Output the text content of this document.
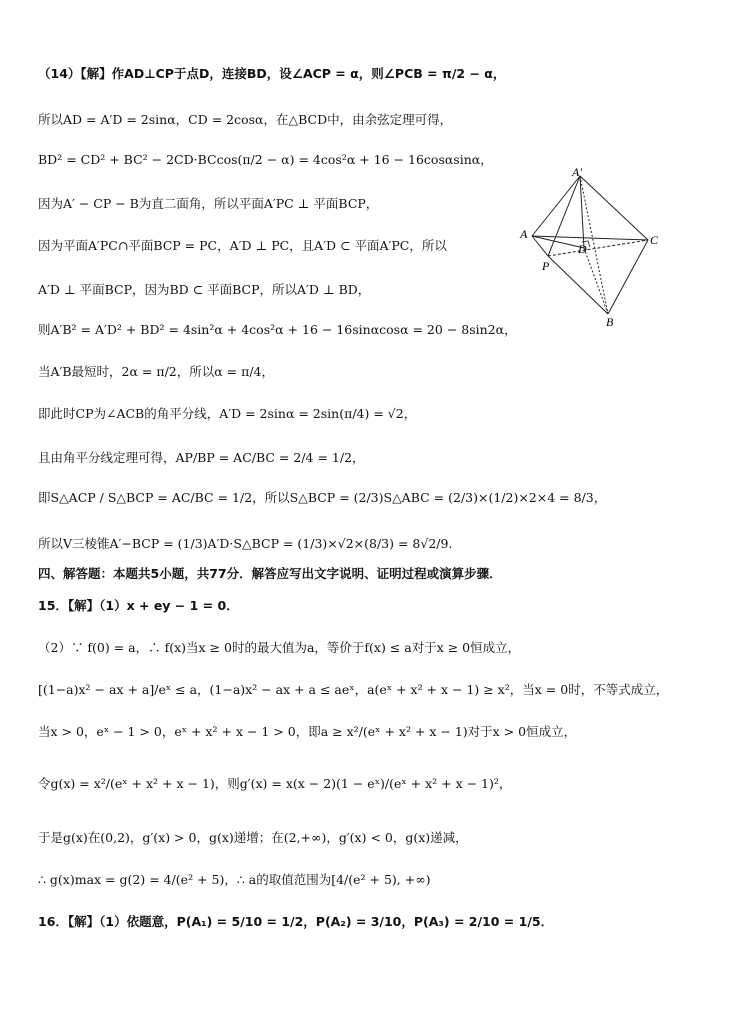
（14）【解】作AD⊥CP于点D，连接BD，设∠ACP = α，则∠PCB = π/2 − α，
所以AD = A′D = 2sinα，CD = 2cosα，在△BCD中，由余弦定理可得，
BD² = CD² + BC² − 2CD·BCcos(π/2 − α) = 4cos²α + 16 − 16cosαsinα，
因为A′ − CP − B为直二面角，所以平面A′PC ⊥ 平面BCP，
因为平面A′PC∩平面BCP = PC，A′D ⊥ PC，且A′D ⊂ 平面A′PC，所以
A′D ⊥ 平面BCP，因为BD ⊂ 平面BCP，所以A′D ⊥ BD，
则A′B² = A′D² + BD² = 4sin²α + 4cos²α + 16 − 16sinαcosα = 20 − 8sin2α，
当A′B最短时，2α = π/2，所以α = π/4，
即此时CP为∠ACB的角平分线，A′D = 2sinα = 2sin(π/4) = √2，
且由角平分线定理可得，AP/BP = AC/BC = 2/4 = 1/2，
即S△ACP / S△BCP = AC/BC = 1/2，所以S△BCP = (2/3)S△ABC = (2/3)×(1/2)×2×4 = 8/3，
所以V三棱锥A′−BCP = (1/3)A′D·S△BCP = (1/3)×√2×(8/3) = 8√2/9.
四、解答题：本题共5小题，共77分．解答应写出文字说明、证明过程或演算步骤．
15．【解】（1）x + ey − 1 = 0．
（2）∵ f(0) = a，∴ f(x)当x ≥ 0时的最大值为a，等价于f(x) ≤ a对于x ≥ 0恒成立，
[(1−a)x² − ax + a]/eˣ ≤ a，(1−a)x² − ax + a ≤ aeˣ，a(eˣ + x² + x − 1) ≥ x²，当x = 0时，不等式成立，
当x > 0，eˣ − 1 > 0，eˣ + x² + x − 1 > 0，即a ≥ x²/(eˣ + x² + x − 1)对于x > 0恒成立，
令g(x) = x²/(eˣ + x² + x − 1)，则g′(x) = x(x − 2)(1 − eˣ)/(eˣ + x² + x − 1)²，
于是g(x)在(0,2)，g′(x) > 0，g(x)递增；在(2,+∞)，g′(x) < 0，g(x)递减，
∴ g(x)max = g(2) = 4/(e² + 5)，∴ a的取值范围为[4/(e² + 5), +∞)
16．【解】（1）依题意，P(A₁) = 5/10 = 1/2，P(A₂) = 3/10，P(A₃) = 2/10 = 1/5．
A′
A
D
C
P
B
